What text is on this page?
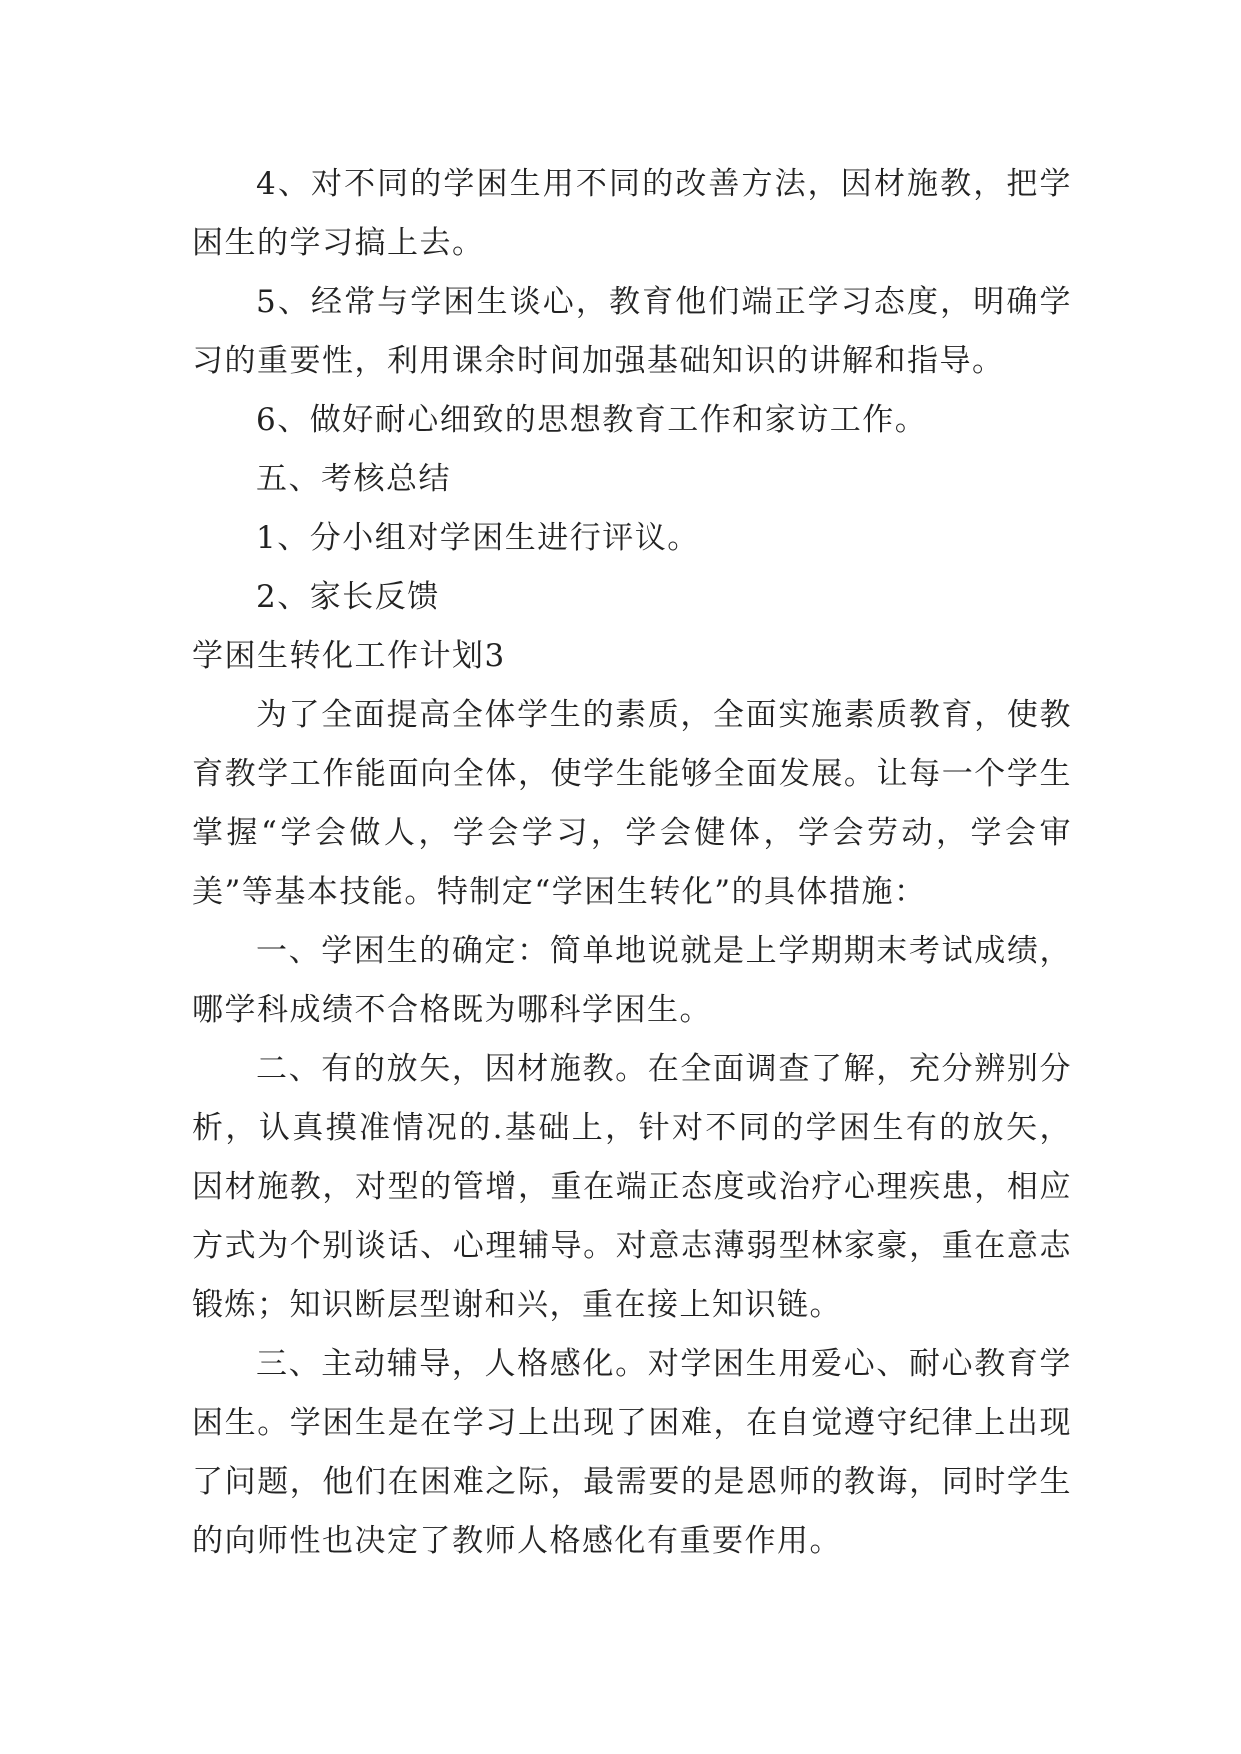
4、对不同的学困生用不同的改善方法，因材施教，把学困生的学习搞上去。

5、经常与学困生谈心，教育他们端正学习态度，明确学习的重要性，利用课余时间加强基础知识的讲解和指导。

6、做好耐心细致的思想教育工作和家访工作。

五、考核总结

1、分小组对学困生进行评议。

2、家长反馈

学困生转化工作计划3

为了全面提高全体学生的素质，全面实施素质教育，使教育教学工作能面向全体，使学生能够全面发展。让每一个学生掌握“学会做人，学会学习，学会健体，学会劳动，学会审美”等基本技能。特制定“学困生转化”的具体措施：

一、学困生的确定：简单地说就是上学期期末考试成绩，哪学科成绩不合格既为哪科学困生。

二、有的放矢，因材施教。在全面调查了解，充分辨别分析，认真摸准情况的.基础上，针对不同的学困生有的放矢，因材施教，对型的管增，重在端正态度或治疗心理疾患，相应方式为个别谈话、心理辅导。对意志薄弱型林家豪，重在意志锻炼；知识断层型谢和兴，重在接上知识链。

三、主动辅导，人格感化。对学困生用爱心、耐心教育学困生。学困生是在学习上出现了困难，在自觉遵守纪律上出现了问题，他们在困难之际，最需要的是恩师的教诲，同时学生的向师性也决定了教师人格感化有重要作用。
